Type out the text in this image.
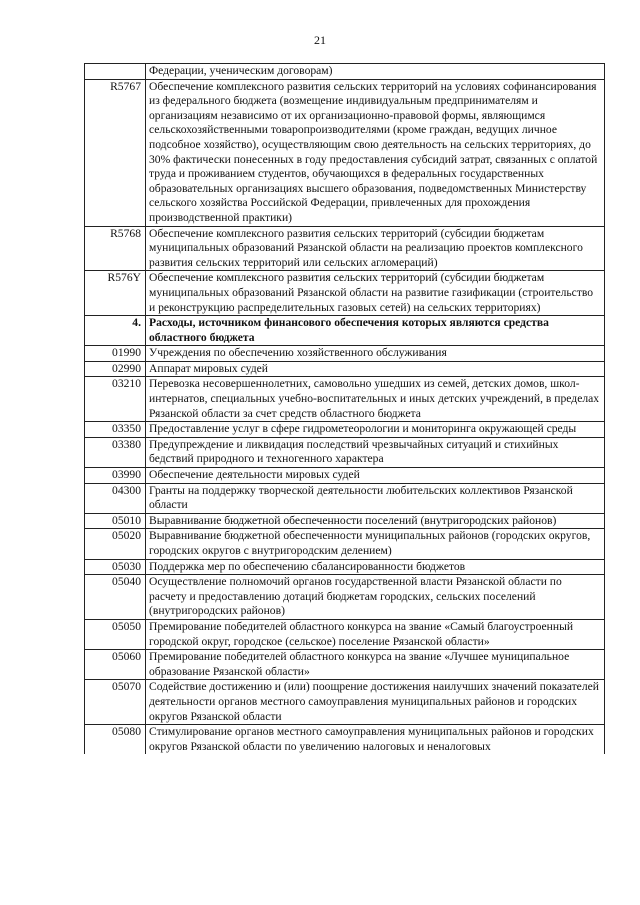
21
	Федерации, ученическим договорам)
R5767	Обеспечение комплексного развития сельских территорий на условиях софинансирования из федерального бюджета (возмещение индивидуальным предпринимателям и организациям независимо от их организационно-правовой формы, являющимся сельскохозяйственными товаропроизводителями (кроме граждан, ведущих личное подсобное хозяйство), осуществляющим свою деятельность на сельских территориях, до 30% фактически понесенных в году предоставления субсидий затрат, связанных с оплатой труда и проживанием студентов, обучающихся в федеральных государственных образовательных организациях высшего образования, подведомственных Министерству сельского хозяйства Российской Федерации, привлеченных для прохождения производственной практики)
R5768	Обеспечение комплексного развития сельских территорий (субсидии бюджетам муниципальных образований Рязанской области на реализацию проектов комплексного развития сельских территорий или сельских агломераций)
R576Y	Обеспечение комплексного развития сельских территорий (субсидии бюджетам муниципальных образований Рязанской области на развитие газификации (строительство и реконструкцию распределительных газовых сетей) на сельских территориях)
4.	Расходы, источником финансового обеспечения которых являются средства областного бюджета
01990	Учреждения по обеспечению хозяйственного обслуживания
02990	Аппарат мировых судей
03210	Перевозка несовершеннолетних, самовольно ушедших из семей, детских домов, школ-интернатов, специальных учебно-воспитательных и иных детских учреждений, в пределах Рязанской области за счет средств областного бюджета
03350	Предоставление услуг в сфере гидрометеорологии и мониторинга окружающей среды
03380	Предупреждение и ликвидация последствий чрезвычайных ситуаций и стихийных бедствий природного и техногенного характера
03990	Обеспечение деятельности мировых судей
04300	Гранты на поддержку творческой деятельности любительских коллективов Рязанской области
05010	Выравнивание бюджетной обеспеченности поселений (внутригородских районов)
05020	Выравнивание бюджетной обеспеченности муниципальных районов (городских округов, городских округов с внутригородским делением)
05030	Поддержка мер по обеспечению сбалансированности бюджетов
05040	Осуществление полномочий органов государственной власти Рязанской области по расчету и предоставлению дотаций бюджетам городских, сельских поселений (внутригородских районов)
05050	Премирование победителей областного конкурса на звание «Самый благоустроенный городской округ, городское (сельское) поселение Рязанской области»
05060	Премирование победителей областного конкурса на звание «Лучшее муниципальное образование Рязанской области»
05070	Содействие достижению и (или) поощрение достижения наилучших значений показателей деятельности органов местного самоуправления муниципальных районов и городских округов Рязанской области
05080	Стимулирование органов местного самоуправления муниципальных районов и городских округов Рязанской области по увеличению налоговых и неналоговых
